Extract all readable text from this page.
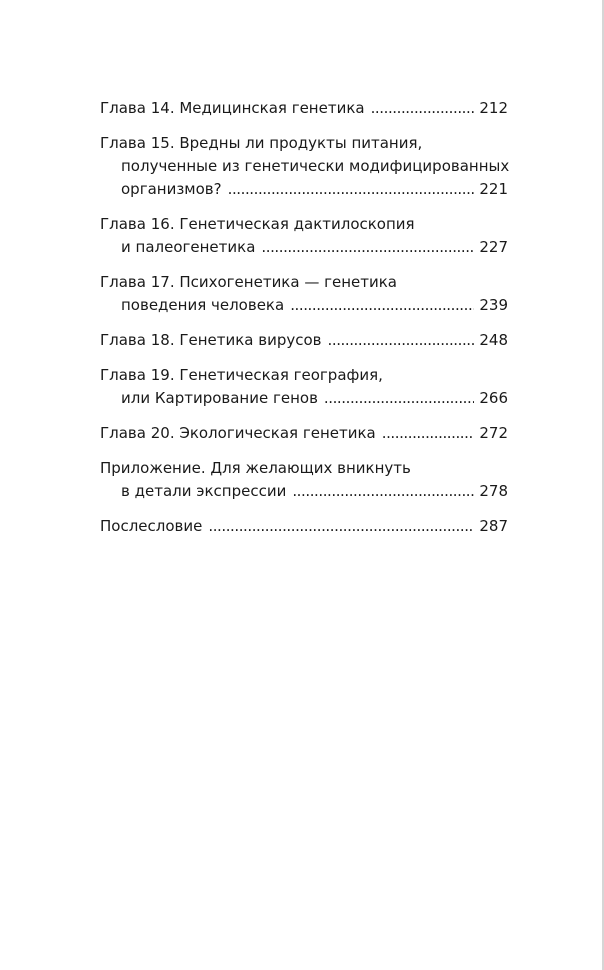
Глава 14. Медицинская генетика . . .	212
Глава 15. Вредны ли продукты питания,
полученные из генетически модифицированных
организмов? . . .	221
Глава 16. Генетическая дактилоскопия
и палеогенетика . . .	227
Глава 17. Психогенетика — генетика
поведения человека . . .	239
Глава 18. Генетика вирусов . . .	248
Глава 19. Генетическая география,
или Картирование генов . . .	266
Глава 20. Экологическая генетика . . .	272
Приложение. Для желающих вникнуть
в детали экспрессии . . .	278
Послесловие . . .	287
